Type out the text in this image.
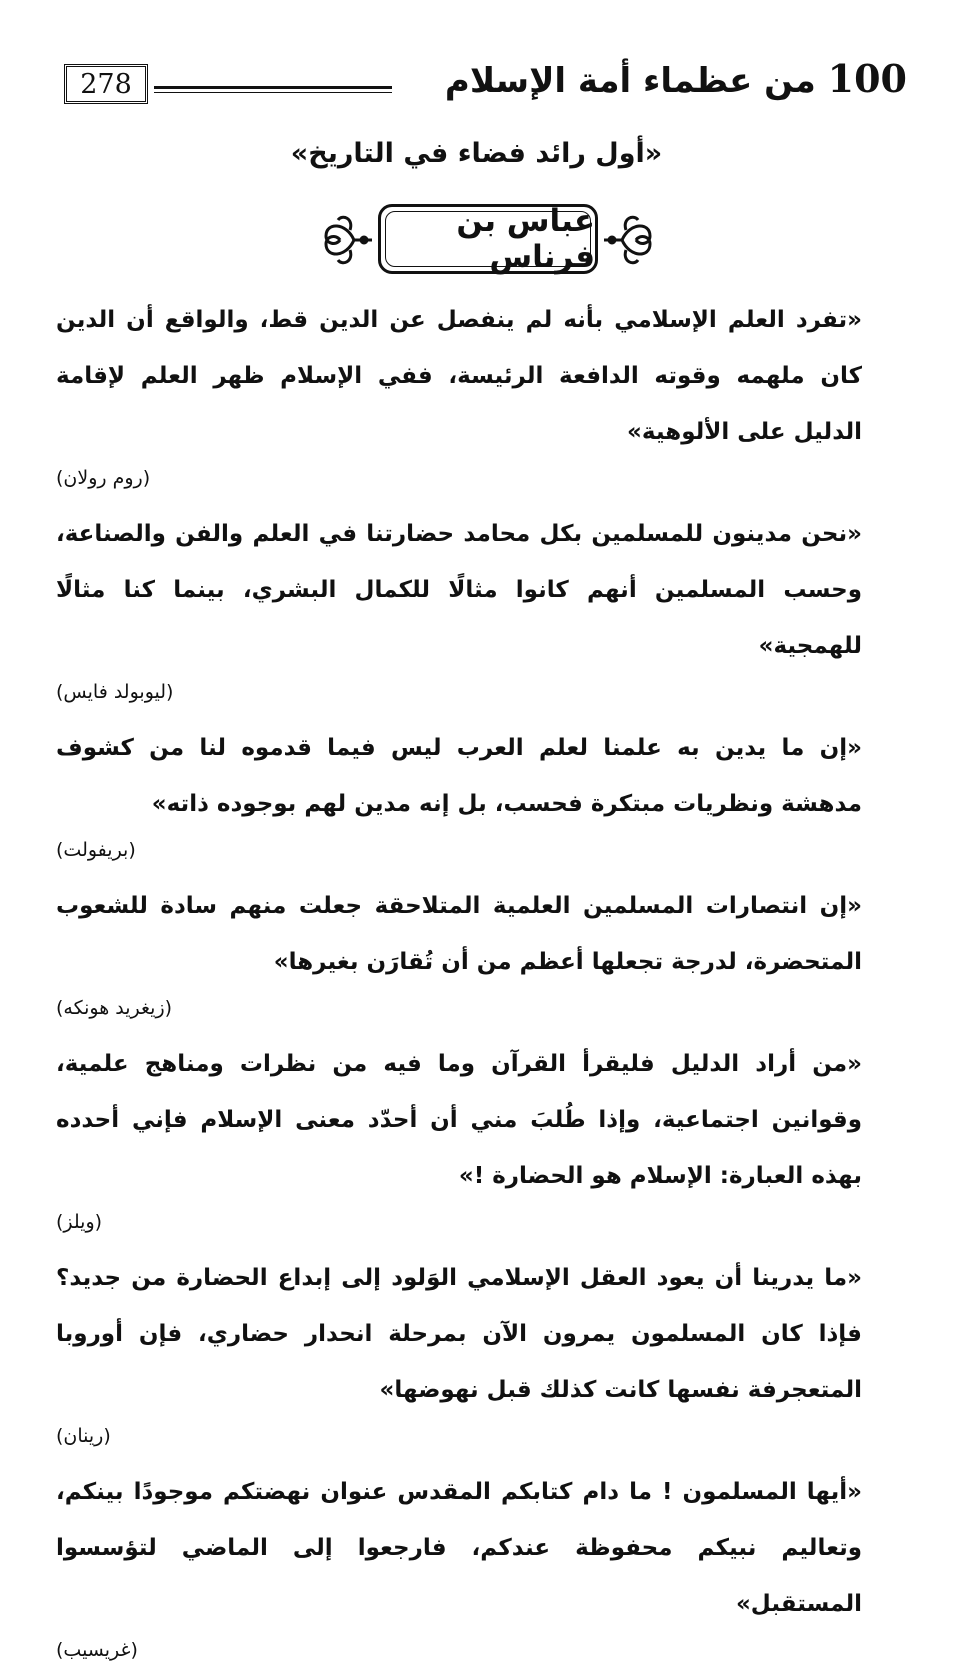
100 من عظماء أمة الإسلام
278
«أول رائد فضاء في التاريخ»
عباس بن فرناس

«تفرد العلم الإسلامي بأنه لم ينفصل عن الدين قط، والواقع أن الدين كان ملهمه وقوته الدافعة الرئيسة، ففي الإسلام ظهر العلم لإقامة الدليل على الألوهية»

(روم رولان)

«نحن مدينون للمسلمين بكل محامد حضارتنا في العلم والفن والصناعة، وحسب المسلمين أنهم كانوا مثالًا للكمال البشري، بينما كنا مثالًا للهمجية»

(ليوبولد فايس)

«إن ما يدين به علمنا لعلم العرب ليس فيما قدموه لنا من كشوف مدهشة ونظريات مبتكرة فحسب، بل إنه مدين لهم بوجوده ذاته»

(بريفولت)

«إن انتصارات المسلمين العلمية المتلاحقة جعلت منهم سادة للشعوب المتحضرة، لدرجة تجعلها أعظم من أن تُقارَن بغيرها»

(زيغريد هونكه)

«من أراد الدليل فليقرأ القرآن وما فيه من نظرات ومناهج علمية، وقوانين اجتماعية، وإذا طُلبَ مني أن أحدّد معنى الإسلام فإني أحدده بهذه العبارة: الإسلام هو الحضارة !»

(ويلز)

«ما يدرينا أن يعود العقل الإسلامي الوَلود إلى إبداع الحضارة من جديد؟ فإذا كان المسلمون يمرون الآن بمرحلة انحدار حضاري، فإن أوروبا المتعجرفة نفسها كانت كذلك قبل نهوضها»

(رينان)

«أيها المسلمون ! ما دام كتابكم المقدس عنوان نهضتكم موجودًا بينكم، وتعاليم نبيكم محفوظة عندكم، فارجعوا إلى الماضي لتؤسسوا المستقبل»

(غريسيب)
